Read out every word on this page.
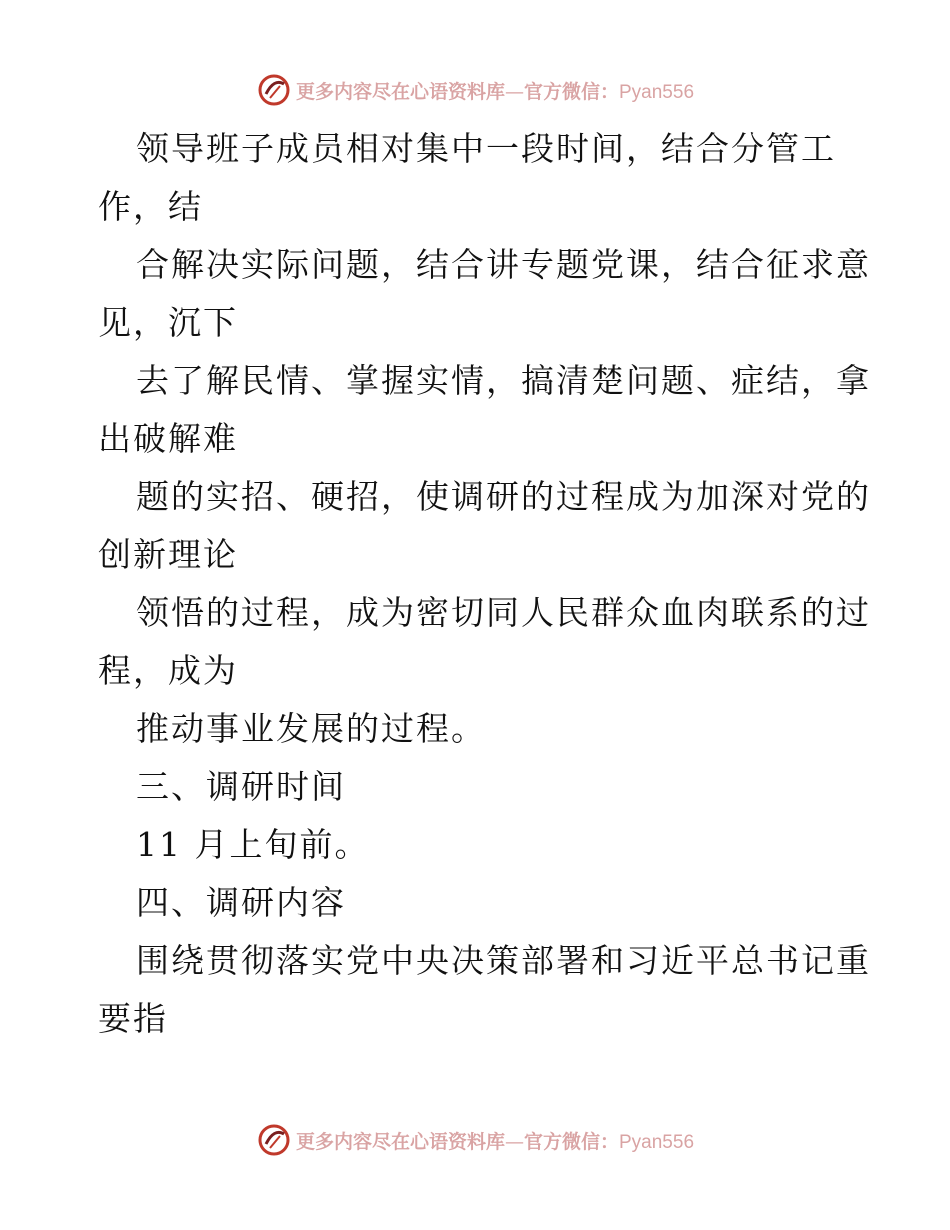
更多内容尽在心语资料库—官方微信：Pyan556
领导班子成员相对集中一段时间，结合分管工
作，结
合解决实际问题，结合讲专题党课，结合征求意
见，沉下
去了解民情、掌握实情，搞清楚问题、症结，拿
出破解难
题的实招、硬招，使调研的过程成为加深对党的
创新理论
领悟的过程，成为密切同人民群众血肉联系的过
程，成为
推动事业发展的过程。
三、调研时间
11 月上旬前。
四、调研内容
围绕贯彻落实党中央决策部署和习近平总书记重
要指
更多内容尽在心语资料库—官方微信：Pyan556
